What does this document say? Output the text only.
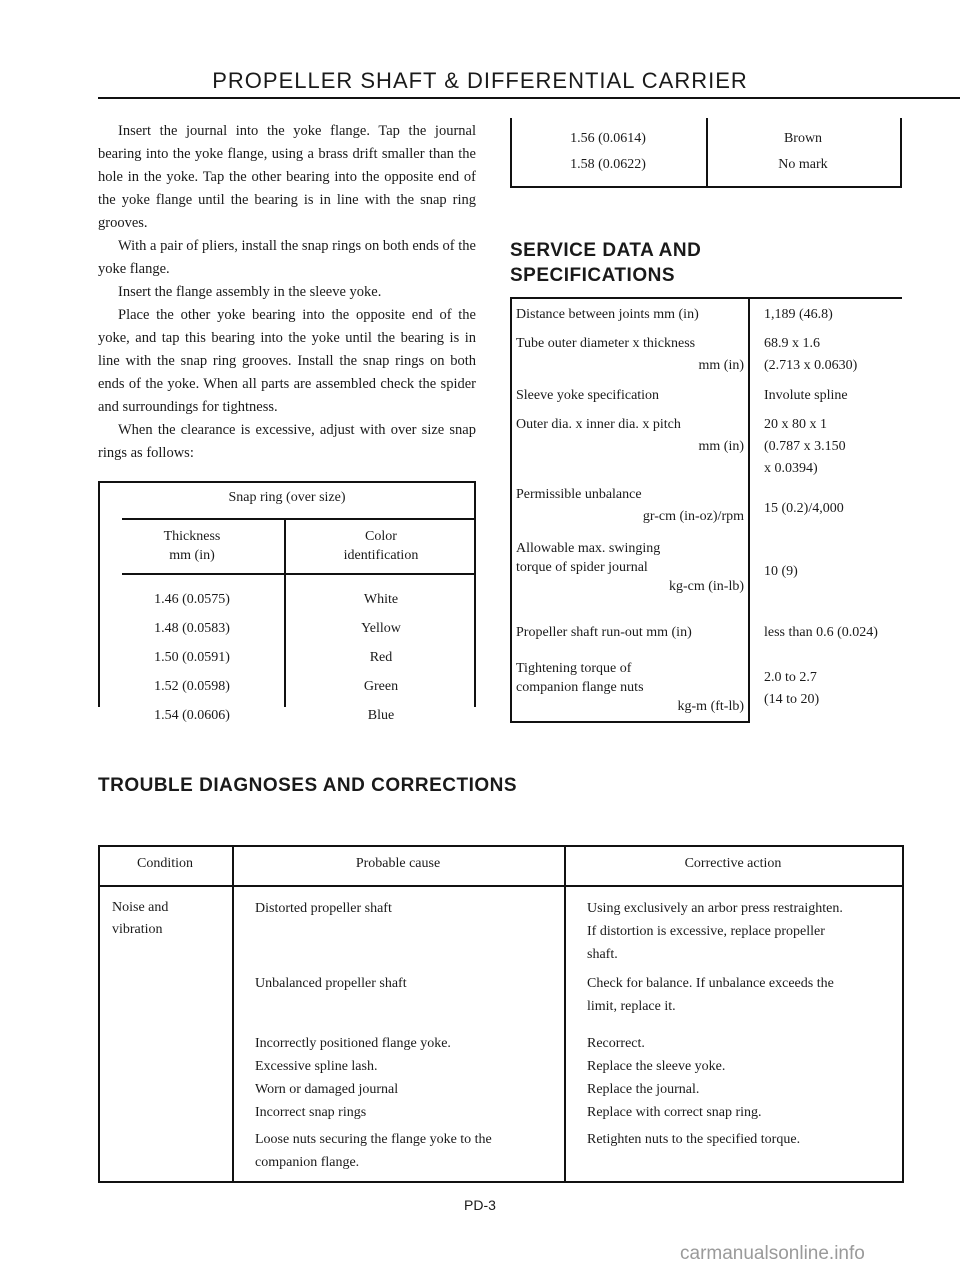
PROPELLER SHAFT & DIFFERENTIAL CARRIER

Insert the journal into the yoke flange. Tap the journal bearing into the yoke flange, using a brass drift smaller than the hole in the yoke. Tap the other bearing into the opposite end of the yoke flange until the bearing is in line with the snap ring grooves.

With a pair of pliers, install the snap rings on both ends of the yoke flange.

Insert the flange assembly in the sleeve yoke.

Place the other yoke bearing into the opposite end of the yoke, and tap this bearing into the yoke until the bearing is in line with the snap ring grooves. Install the snap rings on both ends of the yoke. When all parts are assembled check the spider and surroundings for tightness.

When the clearance is excessive, adjust with over size snap rings as follows:

Snap ring (over size)
Thickness
mm (in)
Color
identification
1.46 (0.0575)
1.48 (0.0583)
1.50 (0.0591)
1.52 (0.0598)
1.54 (0.0606)
White
Yellow
Red
Green
Blue
1.56 (0.0614)
1.58 (0.0622)
Brown
No mark
SERVICE DATA AND
SPECIFICATIONS
Distance between joints mm (in)
Tube outer diameter x thickness
mm (in)
Sleeve yoke specification
Outer dia. x inner dia. x pitch
mm (in)
Permissible unbalance
gr-cm (in-oz)/rpm
Allowable max. swinging
torque of spider journal
kg-cm (in-lb)
Propeller shaft run-out mm (in)
Tightening torque of
companion flange nuts
kg-m (ft-lb)
1,189 (46.8)
68.9 x 1.6
(2.713 x 0.0630)
Involute spline
20 x 80 x 1
(0.787 x 3.150
x 0.0394)
15 (0.2)/4,000
10 (9)
less than 0.6 (0.024)
2.0 to 2.7
(14 to 20)
TROUBLE DIAGNOSES AND CORRECTIONS
Condition	Probable cause	Corrective action
Noise and
vibration
Distorted propeller shaft
Unbalanced propeller shaft
Incorrectly positioned flange yoke.
Excessive spline lash.
Worn or damaged journal
Incorrect snap rings
Loose nuts securing the flange yoke to the
companion flange.
Using exclusively an arbor press restraighten.
If distortion is excessive, replace propeller
shaft.
Check for balance. If unbalance exceeds the
limit, replace it.
Recorrect.
Replace the sleeve yoke.
Replace the journal.
Replace with correct snap ring.
Retighten nuts to the specified torque.
PD-3
carmanualsonline.info
